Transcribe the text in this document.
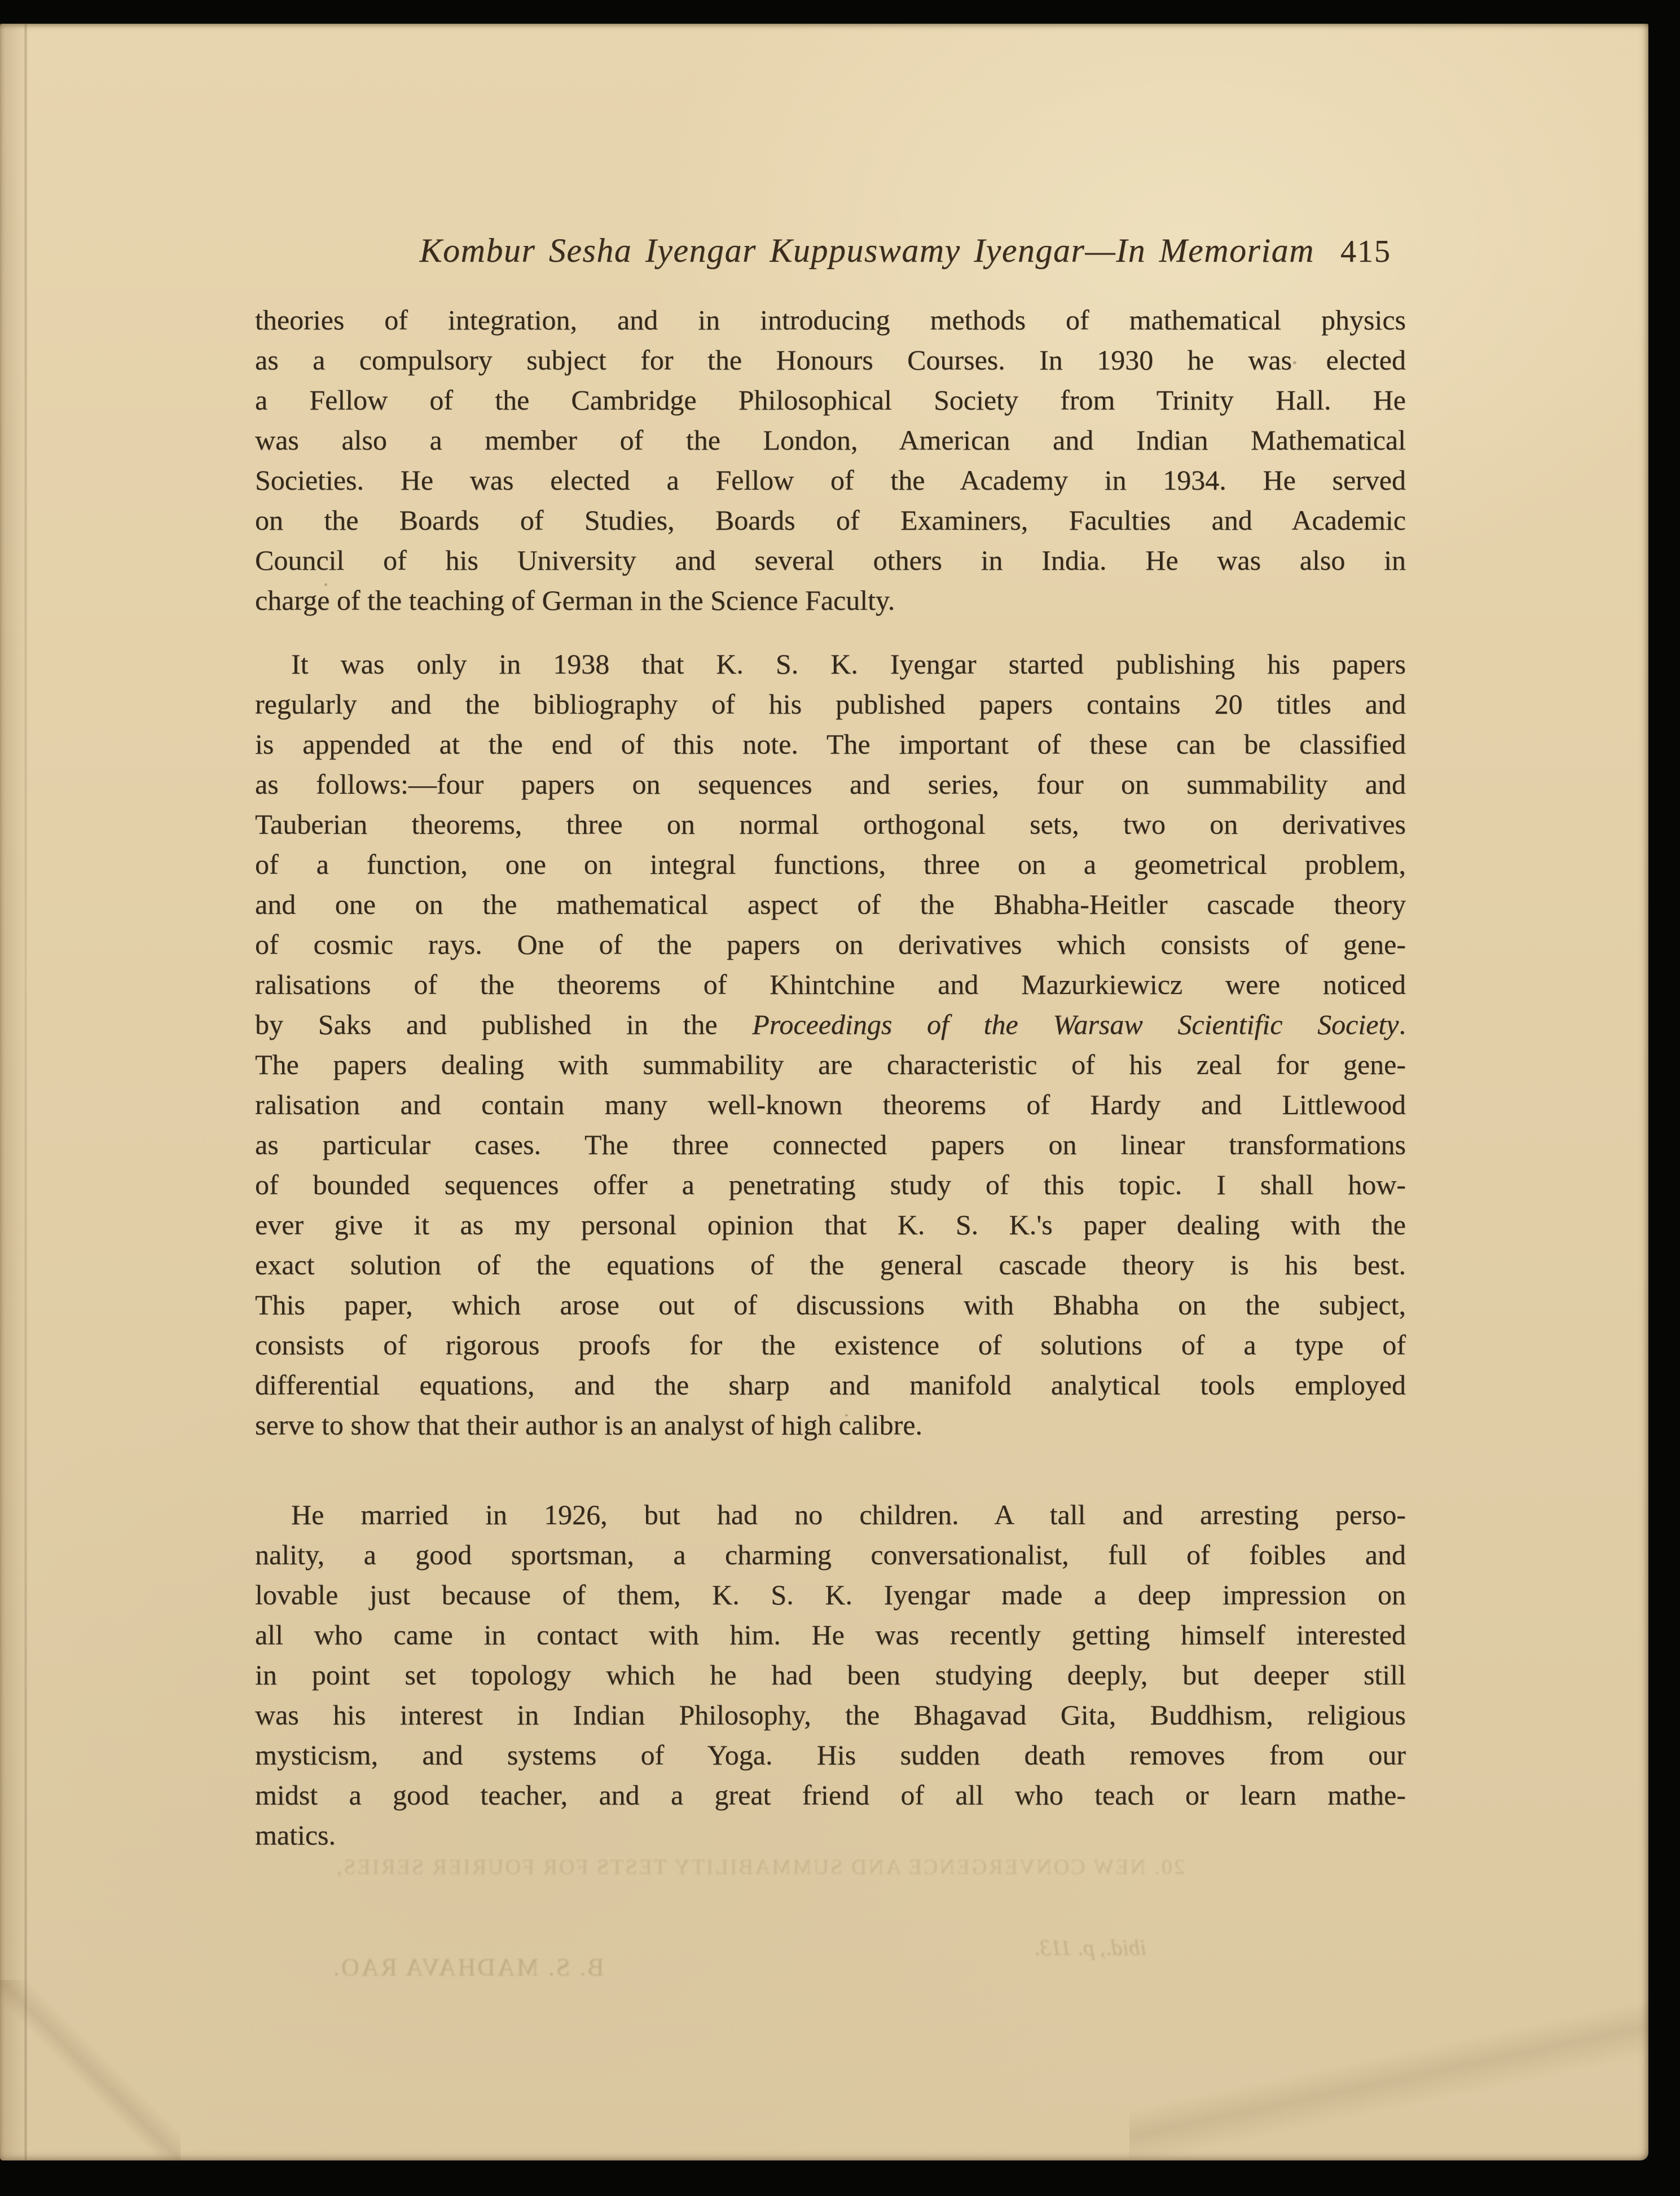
Kombur Sesha Iyengar Kuppuswamy Iyengar—In Memoriam 415
theories of integration, and in introducing methods of mathematical physics
as a compulsory subject for the Honours Courses. In 1930 he was elected
a Fellow of the Cambridge Philosophical Society from Trinity Hall. He
was also a member of the London, American and Indian Mathematical
Societies. He was elected a Fellow of the Academy in 1934. He served
on the Boards of Studies, Boards of Examiners, Faculties and Academic
Council of his University and several others in India. He was also in
charge of the teaching of German in the Science Faculty.
It was only in 1938 that K. S. K. Iyengar started publishing his papers
regularly and the bibliography of his published papers contains 20 titles and
is appended at the end of this note. The important of these can be classified
as follows:—four papers on sequences and series, four on summability and
Tauberian theorems, three on normal orthogonal sets, two on derivatives
of a function, one on integral functions, three on a geometrical problem,
and one on the mathematical aspect of the Bhabha-Heitler cascade theory
of cosmic rays. One of the papers on derivatives which consists of gene-
ralisations of the theorems of Khintchine and Mazurkiewicz were noticed
by Saks and published in the Proceedings of the Warsaw Scientific Society.
The papers dealing with summability are characteristic of his zeal for gene-
ralisation and contain many well-known theorems of Hardy and Littlewood
as particular cases. The three connected papers on linear transformations
of bounded sequences offer a penetrating study of this topic. I shall how-
ever give it as my personal opinion that K. S. K.'s paper dealing with the
exact solution of the equations of the general cascade theory is his best.
This paper, which arose out of discussions with Bhabha on the subject,
consists of rigorous proofs for the existence of solutions of a type of
differential equations, and the sharp and manifold analytical tools employed
serve to show that their author is an analyst of high calibre.
He married in 1926, but had no children. A tall and arresting perso-
nality, a good sportsman, a charming conversationalist, full of foibles and
lovable just because of them, K. S. K. Iyengar made a deep impression on
all who came in contact with him. He was recently getting himself interested
in point set topology which he had been studying deeply, but deeper still
was his interest in Indian Philosophy, the Bhagavad Gita, Buddhism, religious
mysticism, and systems of Yoga. His sudden death removes from our
midst a good teacher, and a great friend of all who teach or learn mathe-
matics.
20. NEW CONVERGENCE AND SUMMABILITY TESTS FOR FOURIER SERIES,
ibid., p. 113.
B. S. MADHAVA RAO.
